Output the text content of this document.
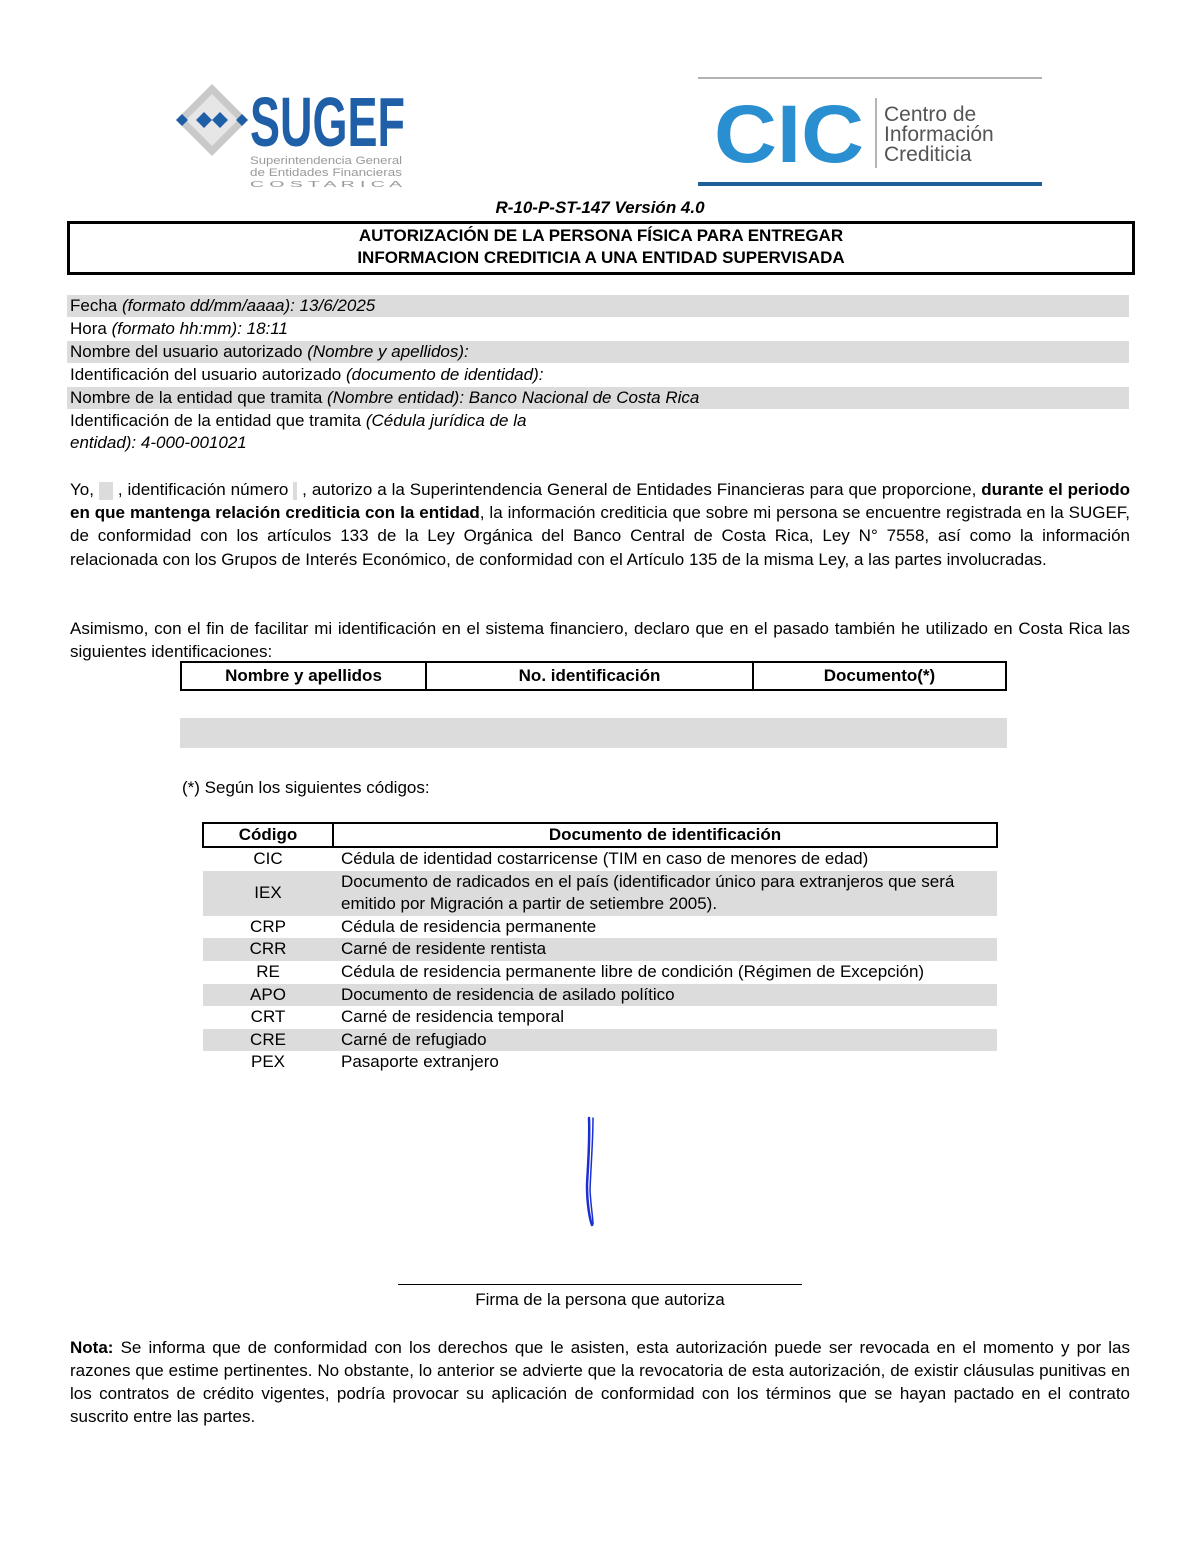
SUGEF
Superintendencia General
de Entidades Financieras
C O S T A R I C A
CIC Centro de
Información
Crediticia
R-10-P-ST-147 Versión 4.0
AUTORIZACIÓN DE LA PERSONA FÍSICA PARA ENTREGAR
INFORMACION CREDITICIA A UNA ENTIDAD SUPERVISADA
Fecha (formato dd/mm/aaaa): 13/6/2025
Hora (formato hh:mm): 18:11
Nombre del usuario autorizado (Nombre y apellidos):
Identificación del usuario autorizado (documento de identidad):
Nombre de la entidad que tramita (Nombre entidad): Banco Nacional de Costa Rica
Identificación de la entidad que tramita (Cédula jurídica de la
entidad): 4-000-001021
Yo,  , identificación número  , autorizo a la Superintendencia General de Entidades Financieras para que proporcione, durante el periodo en que mantenga relación crediticia con la entidad, la información crediticia que sobre mi persona se encuentre registrada en la SUGEF, de conformidad con los artículos 133 de la Ley Orgánica del Banco Central de Costa Rica, Ley N° 7558, así como la información relacionada con los Grupos de Interés Económico, de conformidad con el Artículo 135 de la misma Ley, a las partes involucradas.
Asimismo, con el fin de facilitar mi identificación en el sistema financiero, declaro que en el pasado también he utilizado en Costa Rica las siguientes identificaciones:
Nombre y apellidos	No. identificación	Documento(*)
(*) Según los siguientes códigos:
Código	Documento de identificación
CIC	Cédula de identidad costarricense (TIM en caso de menores de edad)
IEX	Documento de radicados en el país (identificador único para extranjeros que será emitido por Migración a partir de setiembre 2005).
CRP	Cédula de residencia permanente
CRR	Carné de residente rentista
RE	Cédula de residencia permanente libre de condición (Régimen de Excepción)
APO	Documento de residencia de asilado político
CRT	Carné de residencia temporal
CRE	Carné de refugiado
PEX	Pasaporte extranjero
Firma de la persona que autoriza
Nota: Se informa que de conformidad con los derechos que le asisten, esta autorización puede ser revocada en el momento y por las razones que estime pertinentes. No obstante, lo anterior se advierte que la revocatoria de esta autorización, de existir cláusulas punitivas en los contratos de crédito vigentes, podría provocar su aplicación de conformidad con los términos que se hayan pactado en el contrato suscrito entre las partes.
